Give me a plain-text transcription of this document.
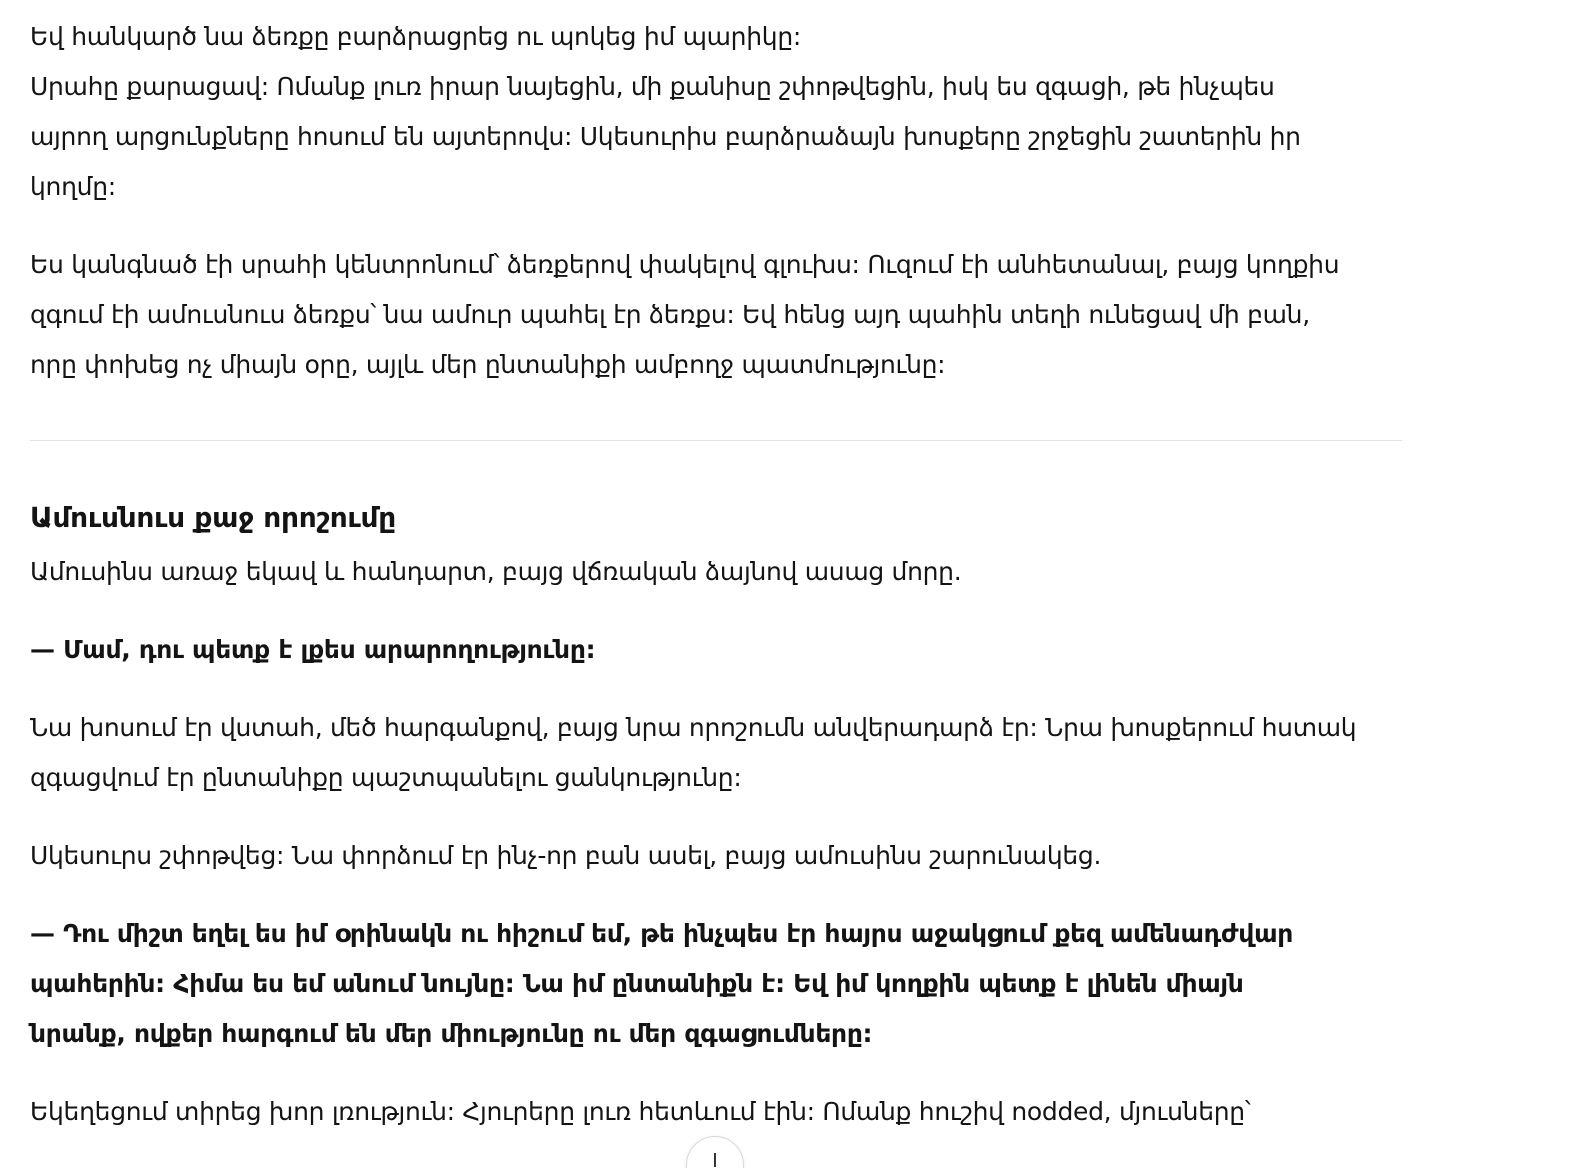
Եվ հանկարծ նա ձեռքը բարձրացրեց ու պոկեց իմ պարիկը:

Սրահը քարացավ: Ոմանք լուռ իրար նայեցին, մի քանիսը շփոթվեցին, իսկ ես զգացի, թե ինչպես

այրող արցունքները հոսում են այտերովս: Սկեսուրիս բարձրաձայն խոսքերը շրջեցին շատերին իր

կողմը:

Ես կանգնած էի սրահի կենտրոնում՝ ձեռքերով փակելով գլուխս: Ուզում էի անհետանալ, բայց կողքիս

զգում էի ամուսնուս ձեռքս՝ նա ամուր պահել էր ձեռքս: Եվ հենց այդ պահին տեղի ունեցավ մի բան,

որը փոխեց ոչ միայն օրը, այլև մեր ընտանիքի ամբողջ պատմությունը:

Ամուսնուս քաջ որոշումը

Ամուսինս առաջ եկավ և հանդարտ, բայց վճռական ձայնով ասաց մորը.

— Մամ, դու պետք է լքես արարողությունը:

Նա խոսում էր վստահ, մեծ հարգանքով, բայց նրա որոշումն անվերադարձ էր: Նրա խոսքերում հստակ

զգացվում էր ընտանիքը պաշտպանելու ցանկությունը:

Սկեսուրս շփոթվեց: Նա փորձում էր ինչ-որ բան ասել, բայց ամուսինս շարունակեց.

— Դու միշտ եղել ես իմ օրինակն ու հիշում եմ, թե ինչպես էր հայրս աջակցում քեզ ամենադժվար

պահերին: Հիմա ես եմ անում նույնը: Նա իմ ընտանիքն է: Եվ իմ կողքին պետք է լինեն միայն

նրանք, ովքեր հարգում են մեր միությունը ու մեր զգացումները:

Եկեղեցում տիրեց խոր լռություն: Հյուրերը լուռ հետևում էին: Ոմանք հուշիվ nodded, մյուսները՝
